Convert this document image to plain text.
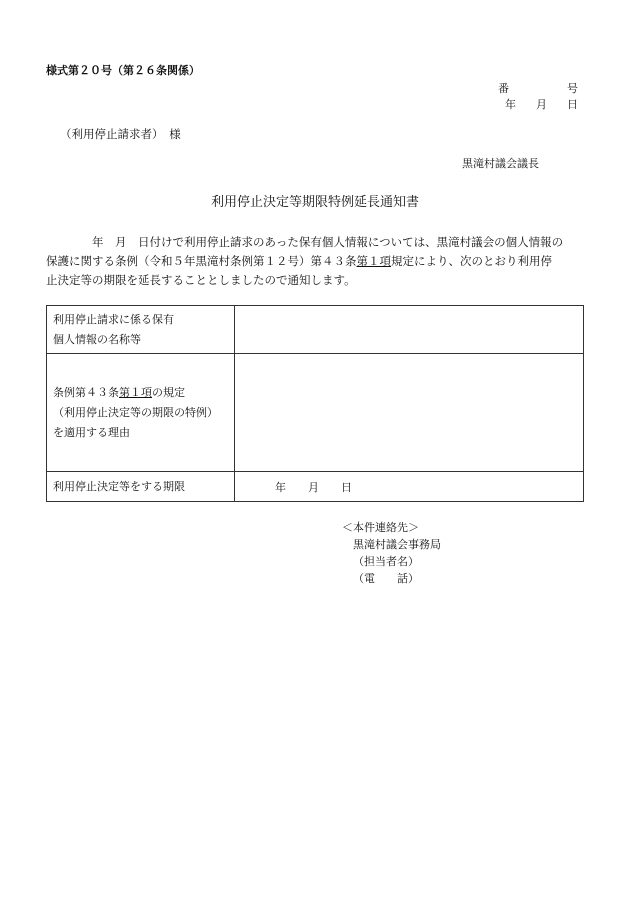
様式第２０号（第２６条関係）
番	号
年 月 日
（利用停止請求者）　様
黒滝村議会議長
利用停止決定等期限特例延長通知書
　　　　年　月　日付けで利用停止請求のあった保有個人情報については、黒滝村議会の個人情報の
保護に関する条例（令和５年黒滝村条例第１２号）第４３条第１項規定により、次のとおり利用停
止決定等の期限を延長することとしましたので通知します。
利用停止請求に係る保有
個人情報の名称等	

条例第４３条第１項の規定
（利用停止決定等の期限の特例）
を適用する理由	

利用停止決定等をする期限	年　　月　　日
＜本件連絡先＞
黒滝村議会事務局
（担当者名）
（電　　話）
